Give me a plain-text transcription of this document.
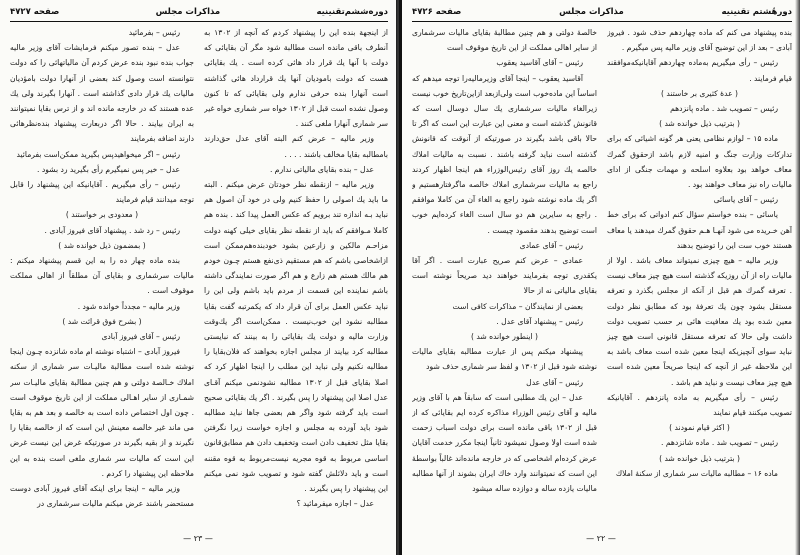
دوره‌ششم‌تقنینیه
مذاکرات مجلس
صفحه ۴۷۲۷

از اینجهة بنده این را پیشنهاد کردم که آنچه از ۱۳۰۲ به آنطرف باقی مانده است مطالبة شود مگر آن بقایائی که دولت با آنها یك قرار داد هائی کرده است . یك بقایائی هست که دولت بامودیان آنها یك قرارداد هائی گذاشته است آنهارا بنده حرفی ندارم ولی بقایائی که تا کنون وصول نشده است قبل از ۱۳۰۲ خواه سر شماری خواه غیر سر شماری آنهارا ملغی کنند .

وزیر مالیه – عرض کنم البته آقای عدل حق‌دارند بامطالبه بقایا مخالف باشند . . . .

عدل – بنده بقایای مالیاتی ندارم .

وزیر مالیه – ازنقطه نظر خودتان عرض میکنم . البته ما باید یك اصولی را حفظ کنیم ولی در خود آن اصول هم نباید بـه اندازه تند برویم که عکس العمل پیدا کند . بنده هم کاملا مـوافقم که باید از نقطه نظر بقایای خیلی کهنه دولت مزاحـم مالکین و زارعین بشود خودبنده‌هم‌ممکن است ازاشخاصی باشم که هم مستقیم ذی‌نفع هستم چـون خودم هم مالك هستم هم زارع و هم اگر صورت نمایندگی داشته باشم نماینده این قسمت از مردم باید باشم ولی این را نباید عکس العمل برای آن قرار داد که یکمرتبه گفت بقایا مطالبه نشود این خوب‌نیست . ممکن‌است اگر یك‌وقت وزارت مالیه و دولت یك بقایائی را به بینند که نبایستی مطالبه کرد بیایند از مجلس اجازه بخواهند که فلان‌بقایا را مطالبه نکنیم ولی نباید این مطلب را اینجا اظهار کرد که اصلا بقایای قبل از ۱۳۰۲ مطالبه نشود‌نمی میکنم آقـای عدل اصلا این پیشنهاد را پس بگیرند . اگر یك بقایائی صحیح است باید گرفته شود واگر هم بعضی جاها نباید مطالبه شود باید آورده به مجلس و اجازه خواست زیرا نگرفتن بقایا مثل تخفیف دادن است وتخفیف دادن هم مطابق‌قانون اساسی مربوط به قوه مجریه نیست‌مربوط به قوه مقننه است و باید دلائلش گفته شود و تصویب شود نمی میکنم این پیشنهاد را پس بگیرند .

عدل – اجازه میفرمائید ؟

رئیس – بفرمائید

عدل – بنده تصور میکنم فرمایشات آقای وزیر مالیه جواب بنده نبود بنده عرض کردم آن مالیاتهائی را که دولت نتوانسته است وصول کند بعضی از آنهارا دولت بامؤدیان مالیات یك قرار دادی گذاشته است . آنهارا بگیرند ولی یك عده هستند که در خارجه مانده اند و از ترس بقایا نمیتوانند به ایران بیایند . حالا اگر دربعارت پیشنهاد بنده‌نظرهائی دارند اضافه بفرمایند

رئیس – اگر میخواهید‌پس بگیرید ممکن‌است بفرمائید

عدل – خیر پس نمیگیرم رأی بگیرید رد بشود .

رئیس – رأی میگیریم . آقایانیکه این پیشنهاد را قابل توجه میدانند قیام فرمایند

( معدودی بر خواستند )

رئیس – رد شد . پیشنهاد آقای فیروز آبادی .

( بمضمون ذیل خوانده شد )

بنده ماده چهار ده را به این قسم پیشنهاد میکنم : مالیات سرشماری و بقایای آن مطلقاً از اهالی مملکت موقوف است .

وزیر مالیه – مجدداً خوانده شود .

( بشرح فوق قرائت شد )

رئیس – آقای فیروز آبادی

فیروز آبادی – اشتباه نوشته ام ماده شانزده چـون اینجا نوشته شده است مطالبة مالیـات سر شماری از سکنه املاك خـالصة دولتی و هم چنین مطالبة بقایای مالیـات سر شمـاری از سایر اهـالی مملکت از این تاریخ موقوف است . چون اول اختصاص داده است به خالصه و بعد هم به بقایا می ماند غیر خالصه معینش این است که از خالصه بقایا را نگیرند و از بقیه بگیرند در صورتیکه غرض این نیست غرض این است که مالیات سر شماری ملغی است بنده به این ملاحظه این پیشنهاد را کردم .

وزیر مالیه – اینجا برای اینکه آقای فیروز آبادی دوست مستحضر باشند عرض میکنم مالیات سرشماری در

— ۲۳ —
دورهٔشتم تقنینیه
مذاکرات مجلس
صفحه ۴۷۲۶

بنده پیشنهاد می کنم که ماده چهاردهم حذف شود . فیروز آبادی – بعد از این توضیح آقای وزیر مالیه پس میگیرم .

رئیس – رأی میگیریم به‌ماده چهاردهم آقایانیکه‌موافقند قیام فرمایند .

( عدهٔ کثیری بر خاستند )

رئیس – تصویب شد . ماده پانزدهم

( بترتیب ذیل خوانده شد )

ماده ۱۵ – لوازم نظامی یعنی هر گونه اشیائی که برای تدارکات وزارت جنگ و امنیه لازم باشد ازحقوق گمرك معاف خواهد بود بعلاوه اسلحه و مهمات جنگی از ادای مالیات راه نیز معاف خواهند بود .

رئیس – آقای یاسائی

یاسائی – بنده خواستم سؤال کنم ادواتی که برای خط آهن خـریده می شود آنهـا هـم حقوق گمرك میدهند یا معاف هستند خوب ست این را توضیح بدهند

وزیر مالیه – هیچ چیزی نمیتواند معاف باشد . اولا از مالیات راه از آن روزیکه گذشته است هیچ چیز معاف نیست . تعرفه گمرك هم قبل از آنکه از مجلس بگذرد و تعرفه مستقل بشود چون یك تعرفهٔ بود که مطابق نظر دولت معین شده بود یك معافیت هائی بر حسب تصویب دولت داشت ولی حالا که تعرفه مستقل قانونی است هیچ چیز نباید سوای آنچیزیکه اینجا معین شده است معاف باشد به این ملاحظه غیر از آنچه که اینجا صریحاً معین شده است هیچ چیز معاف نیست و نباید هم باشد .

رئیس – رأی میگیریم به ماده پانزدهم . آقایانیکه تصویب میکنند قیام نمایند

( اکثر قیام نمودند )

رئیس – تصویب شد . ماده شانزدهم .

( بترتیب ذیل خوانده شد )

ماده ۱۶ – مطالبه مالیات سر شماری از سکنهٔ املاك

خالصهٔ دولتی و هم چنین مطالبهٔ بقایای مالیات سرشماری از سایر اهالی مملکت از این تاریخ موقوف است

رئیس – آقای آقاسید یعقوب

آقاسید یعقوب – اینجا آقای وزیرمالیه‌را توجه میدهم که اساساً این ماده‌خوب است ولی‌ازبعد ازاین‌تاریخ خوب نیست زیرالغاء مالیات سرشماری یك سال دوسال است که قانونش گذشته است و معنی این عبارت این است که اگر تا حالا باقی باشد بگیرند در صورتیکه از آنوقت که قانونش گذشته است نباید گرفته باشند . نسبت به مالیات املاك خالصه یك روز آقای رئیس‌الوزراء هم اینجا اظهار کردند راجع به مالیات سرشماری املاك خالصه ماگرفتارهستیم و اگر یك ماده نوشته شود راجع به الغاء آن من کاملا موافقم . راجع به سایرین هم دو سال است الغاء کرده‌ایم خوب است توضیح بدهند مقصود چیست .

رئیس – آقای عمادی

عمادی – عرض کنم صریح عبارت است . اگر آقا یکقدری توجه بفرمایند خواهند دید صریحاً نوشته است بقایای مالیاتی نه از حالا

بعضی از نمایندگان – مذاکرات کافی است

رئیس – پیشنهاد آقای عدل .

( اینطور خوانده شد )

پیشنهاد میکنم پس از عبارت مطالبه بقایای مالیات نوشته شود قبل از ۱۳۰۲ و لفظ سر شماری حذف شود

رئیس – آقای عدل

عدل – این یك مطلبی است که سابقاً هم با آقای وزیر مالیه و آقای رئیس الوزراء مذاکره کرده ایم بقایائی که از قبل از ۱۳۰۲ باقی مانده است برای دولت اسباب زحمت شده است اولا وصول نمیشود ثانیاً اینجا مکرر خدمت آقایان عرض کرده‌ام اشخاصی که در خارجه مانده‌اند غالباً بواسطهٔ این است که نمیتوانند وارد خاك ایران بشوند از آنها مطالبه مالیات یازده ساله و دوازده ساله میشود

— ۲۲ —
